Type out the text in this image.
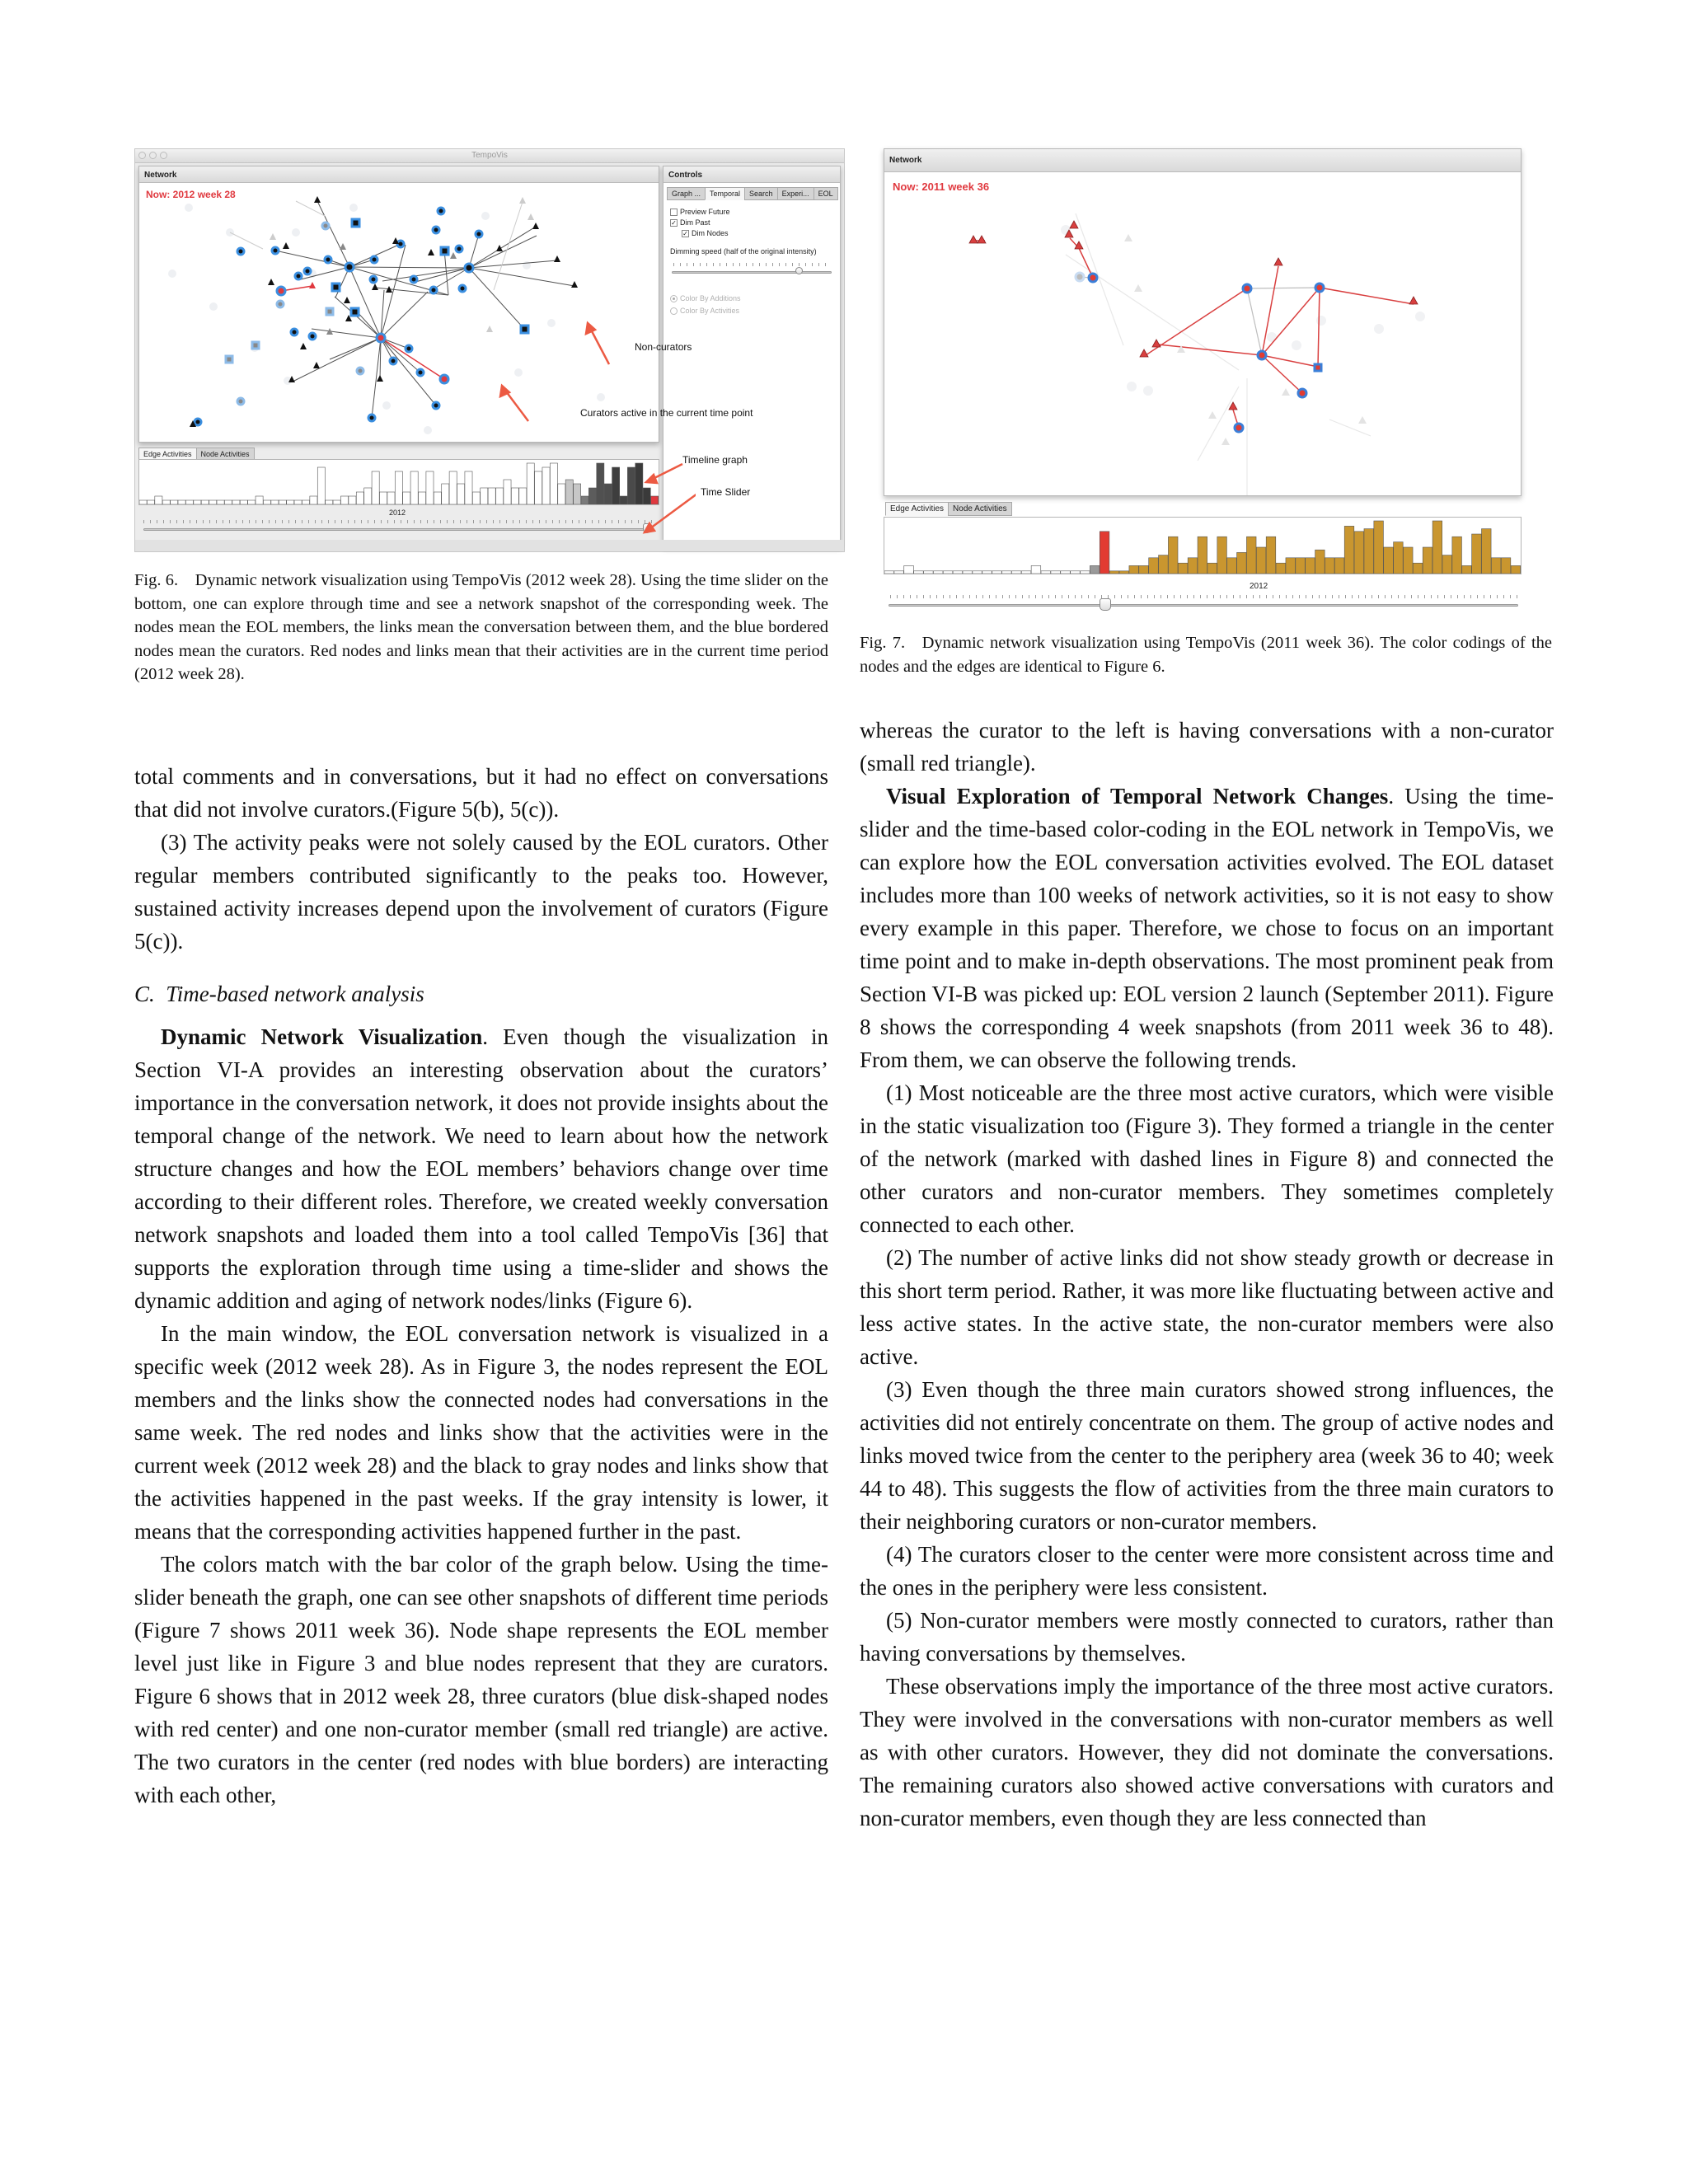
TempoVis
Network
Now: 2012 week 28
Controls
Graph ...	Temporal	Search	Experi...	EOL
Preview Future
✓ Dim Past
✓ Dim Nodes
Dimming speed (half of the original intensity)
Color By Additions
Color By Activities
Edge Activities	Node Activities
2012
Non-curators
Curators active in the current time point
Timeline graph
Time Slider
Fig. 6. Dynamic network visualization using TempoVis (2012 week 28). Using the time slider on the bottom, one can explore through time and see a network snapshot of the corresponding week. The nodes mean the EOL members, the links mean the conversation between them, and the blue bordered nodes mean the curators. Red nodes and links mean that their activities are in the current time period (2012 week 28).
Network
Now: 2011 week 36
Edge Activities	Node Activities
2012
Fig. 7. Dynamic network visualization using TempoVis (2011 week 36). The color codings of the nodes and the edges are identical to Figure 6.

total comments and in conversations, but it had no effect on conversations that did not involve curators.(Figure 5(b), 5(c)).

(3) The activity peaks were not solely caused by the EOL curators. Other regular members contributed significantly to the peaks too. However, sustained activity increases depend upon the involvement of curators (Figure 5(c)).

C. Time-based network analysis

Dynamic Network Visualization. Even though the visualization in Section VI-A provides an interesting observation about the curators’ importance in the conversation network, it does not provide insights about the temporal change of the network. We need to learn about how the network structure changes and how the EOL members’ behaviors change over time according to their different roles. Therefore, we created weekly conversation network snapshots and loaded them into a tool called TempoVis [36] that supports the exploration through time using a time-slider and shows the dynamic addition and aging of network nodes/links (Figure 6).

In the main window, the EOL conversation network is visualized in a specific week (2012 week 28). As in Figure 3, the nodes represent the EOL members and the links show the connected nodes had conversations in the same week. The red nodes and links show that the activities were in the current week (2012 week 28) and the black to gray nodes and links show that the activities happened in the past weeks. If the gray intensity is lower, it means that the corresponding activities happened further in the past.

The colors match with the bar color of the graph below. Using the time-slider beneath the graph, one can see other snapshots of different time periods (Figure 7 shows 2011 week 36). Node shape represents the EOL member level just like in Figure 3 and blue nodes represent that they are curators. Figure 6 shows that in 2012 week 28, three curators (blue disk-shaped nodes with red center) and one non-curator member (small red triangle) are active. The two curators in the center (red nodes with blue borders) are interacting with each other,

whereas the curator to the left is having conversations with a non-curator (small red triangle).

Visual Exploration of Temporal Network Changes. Using the time-slider and the time-based color-coding in the EOL network in TempoVis, we can explore how the EOL conversation activities evolved. The EOL dataset includes more than 100 weeks of network activities, so it is not easy to show every example in this paper. Therefore, we chose to focus on an important time point and to make in-depth observations. The most prominent peak from Section VI-B was picked up: EOL version 2 launch (September 2011). Figure 8 shows the corresponding 4 week snapshots (from 2011 week 36 to 48). From them, we can observe the following trends.

(1) Most noticeable are the three most active curators, which were visible in the static visualization too (Figure 3). They formed a triangle in the center of the network (marked with dashed lines in Figure 8) and connected the other curators and non-curator members. They sometimes completely connected to each other.

(2) The number of active links did not show steady growth or decrease in this short term period. Rather, it was more like fluctuating between active and less active states. In the active state, the non-curator members were also active.

(3) Even though the three main curators showed strong influences, the activities did not entirely concentrate on them. The group of active nodes and links moved twice from the center to the periphery area (week 36 to 40; week 44 to 48). This suggests the flow of activities from the three main curators to their neighboring curators or non-curator members.

(4) The curators closer to the center were more consistent across time and the ones in the periphery were less consistent.

(5) Non-curator members were mostly connected to curators, rather than having conversations by themselves.

These observations imply the importance of the three most active curators. They were involved in the conversations with non-curator members as well as with other curators. However, they did not dominate the conversations. The remaining curators also showed active conversations with curators and non-curator members, even though they are less connected than
